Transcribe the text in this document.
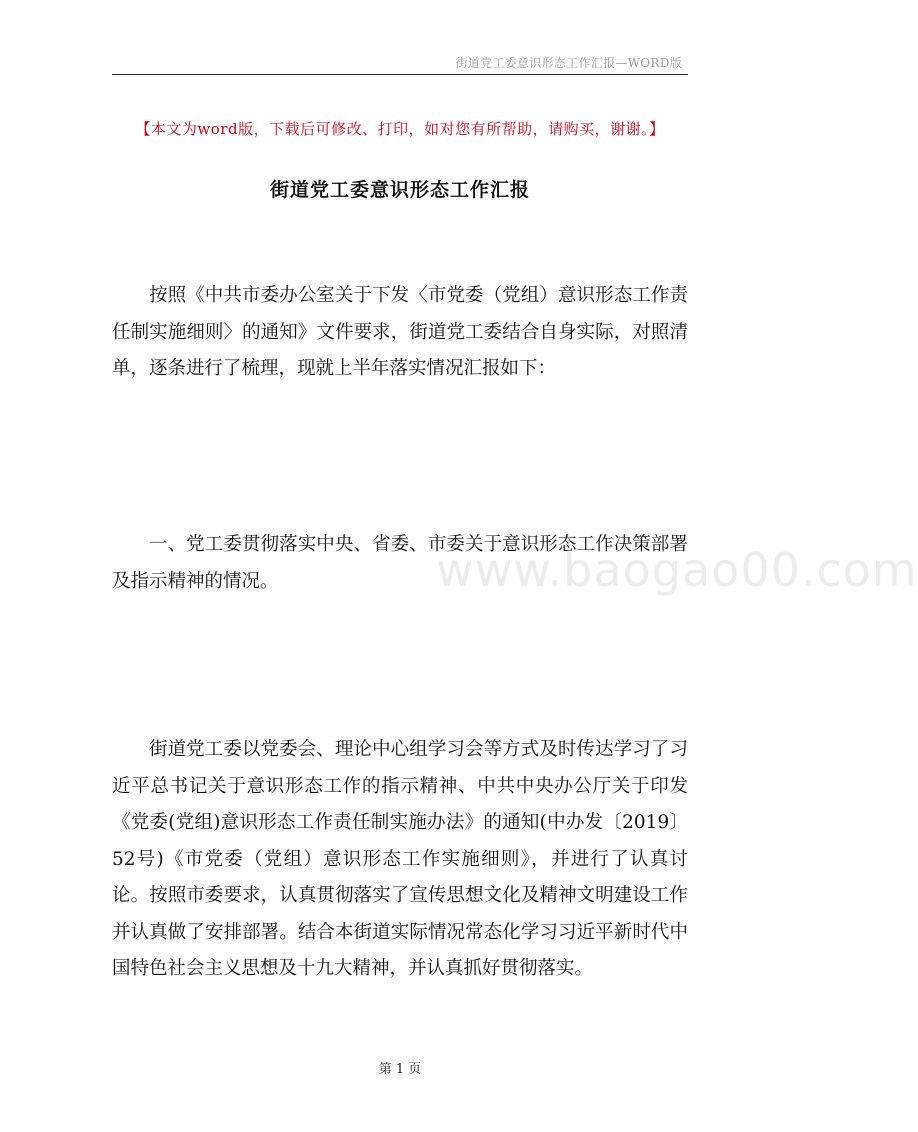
街道党工委意识形态工作汇报—WORD版
【本文为word版，下载后可修改、打印，如对您有所帮助，请购买，谢谢。】
街道党工委意识形态工作汇报

按照《中共市委办公室关于下发〈市党委（党组）意识形态工作责任制实施细则〉的通知》文件要求，街道党工委结合自身实际，对照清单，逐条进行了梳理，现就上半年落实情况汇报如下：

一、党工委贯彻落实中央、省委、市委关于意识形态工作决策部署及指示精神的情况。

街道党工委以党委会、理论中心组学习会等方式及时传达学习了习近平总书记关于意识形态工作的指示精神、中共中央办公厅关于印发《党委(党组)意识形态工作责任制实施办法》的通知(中办发〔2019〕52号)《市党委（党组）意识形态工作实施细则》，并进行了认真讨论。按照市委要求，认真贯彻落实了宣传思想文化及精神文明建设工作并认真做了安排部署。结合本街道实际情况常态化学习习近平新时代中国特色社会主义思想及十九大精神，并认真抓好贯彻落实。

www.baogao00.com
第 1 页
